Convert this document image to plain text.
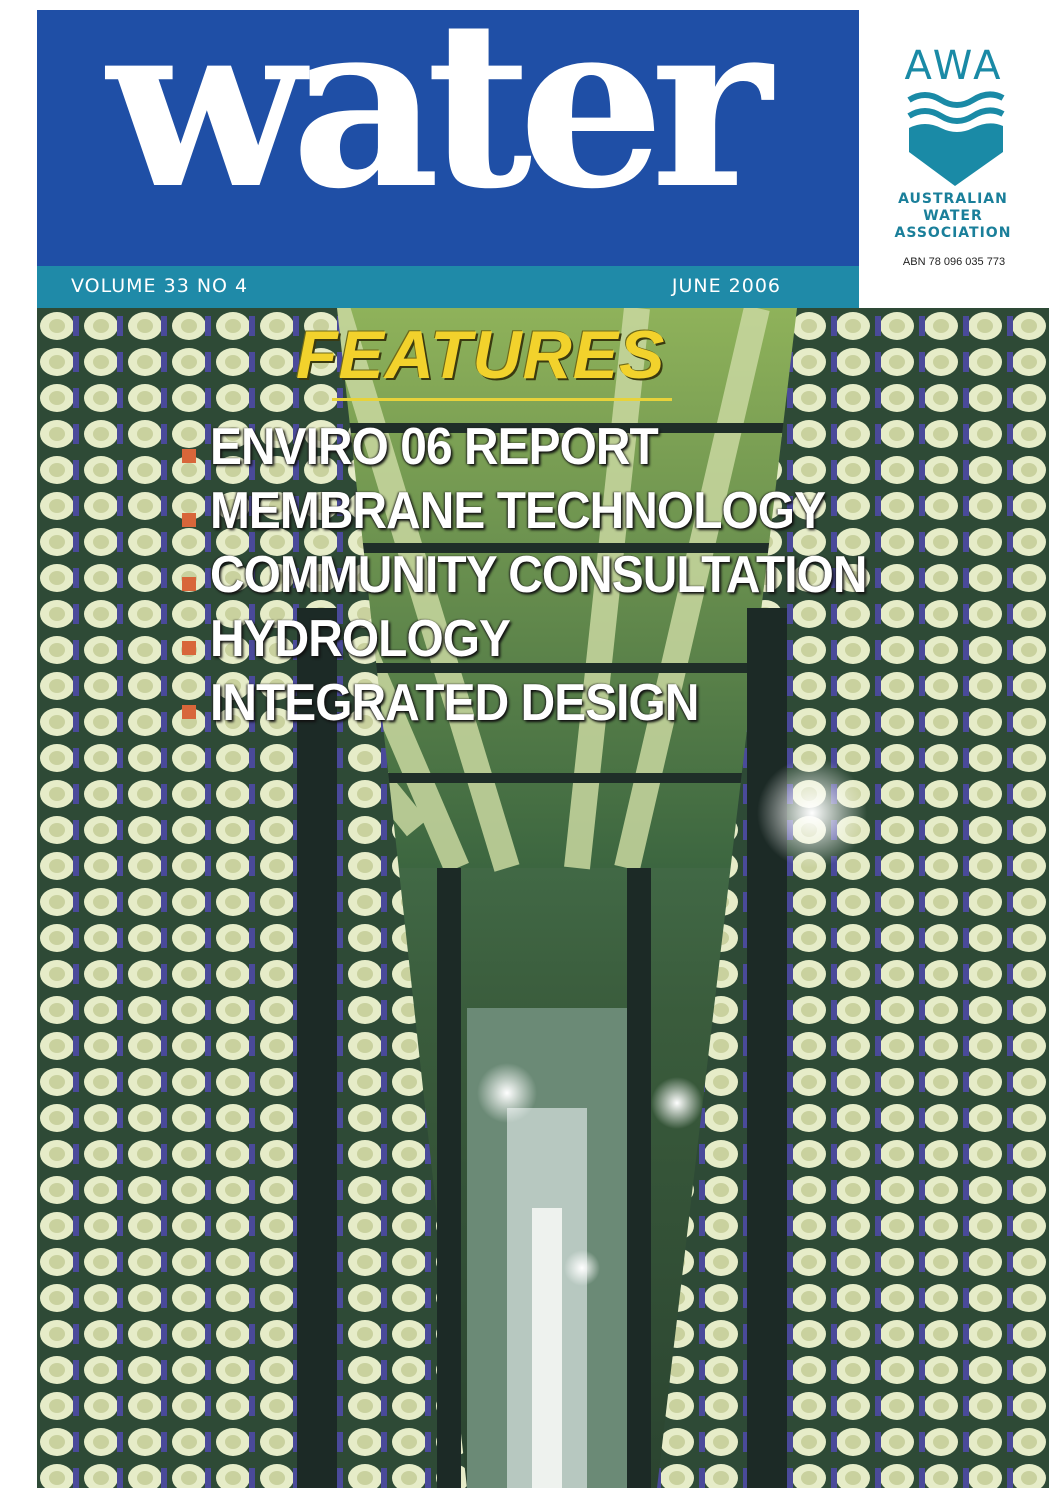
water	AWA
AUSTRALIAN
WATER
ASSOCIATION
ABN 78 096 035 773
VOLUME 33 NO 4	JUNE 2006
FEATURES
ENVIRO 06 REPORT
MEMBRANE TECHNOLOGY
COMMUNITY CONSULTATION
HYDROLOGY
INTEGRATED DESIGN
